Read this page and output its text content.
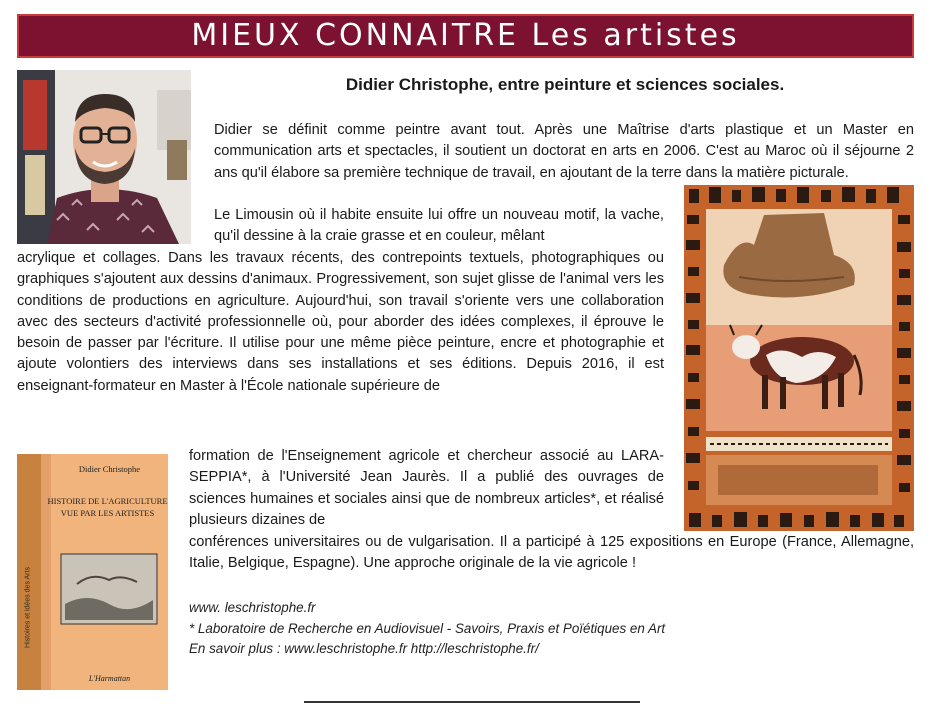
MIEUX CONNAITRE Les artistes
Didier Christophe, entre peinture et sciences sociales.

Didier se définit comme peintre avant tout. Après une Maîtrise d'arts plastique et un Master en communication arts et spectacles, il soutient un doctorat en arts en 2006. C'est au Maroc où il séjourne 2 ans qu'il élabore sa première technique de travail, en ajoutant de la terre dans la matière picturale.

Le Limousin où il habite ensuite lui offre un nouveau motif, la vache, qu'il dessine à la craie grasse et en couleur, mêlant

acrylique et collages. Dans les travaux récents, des contrepoints textuels, photographiques ou graphiques s'ajoutent aux dessins d'animaux. Progressivement, son sujet glisse de l'animal vers les conditions de productions en agriculture. Aujourd'hui, son travail s'oriente vers une collaboration avec des secteurs d'activité professionnelle où, pour aborder des idées complexes, il éprouve le besoin de passer par l'écriture. Il utilise pour une même pièce peinture, encre et photographie et ajoute volontiers des interviews dans ses installations et ses éditions. Depuis 2016, il est enseignant-formateur en Master à l'École nationale supérieure de

formation de l'Enseignement agricole et chercheur associé au LARA-SEPPIA*, à l'Université Jean Jaurès. Il a publié des ouvrages de sciences humaines et sociales ainsi que de nombreux articles*, et réalisé plusieurs dizaines de

conférences universitaires ou de vulgarisation. Il a participé à 125 expositions en Europe (France, Allemagne, Italie, Belgique, Espagne). Une approche originale de la vie agricole !

Didier Christophe
HISTOIRE DE L'AGRICULTURE
VUE PAR LES ARTISTES
Histoires et idées des Arts
L'Harmattan
www. leschristophe.fr
* Laboratoire de Recherche en Audiovisuel - Savoirs, Praxis et Poïétiques en Art
En savoir plus : www.leschristophe.fr http://leschristophe.fr/
